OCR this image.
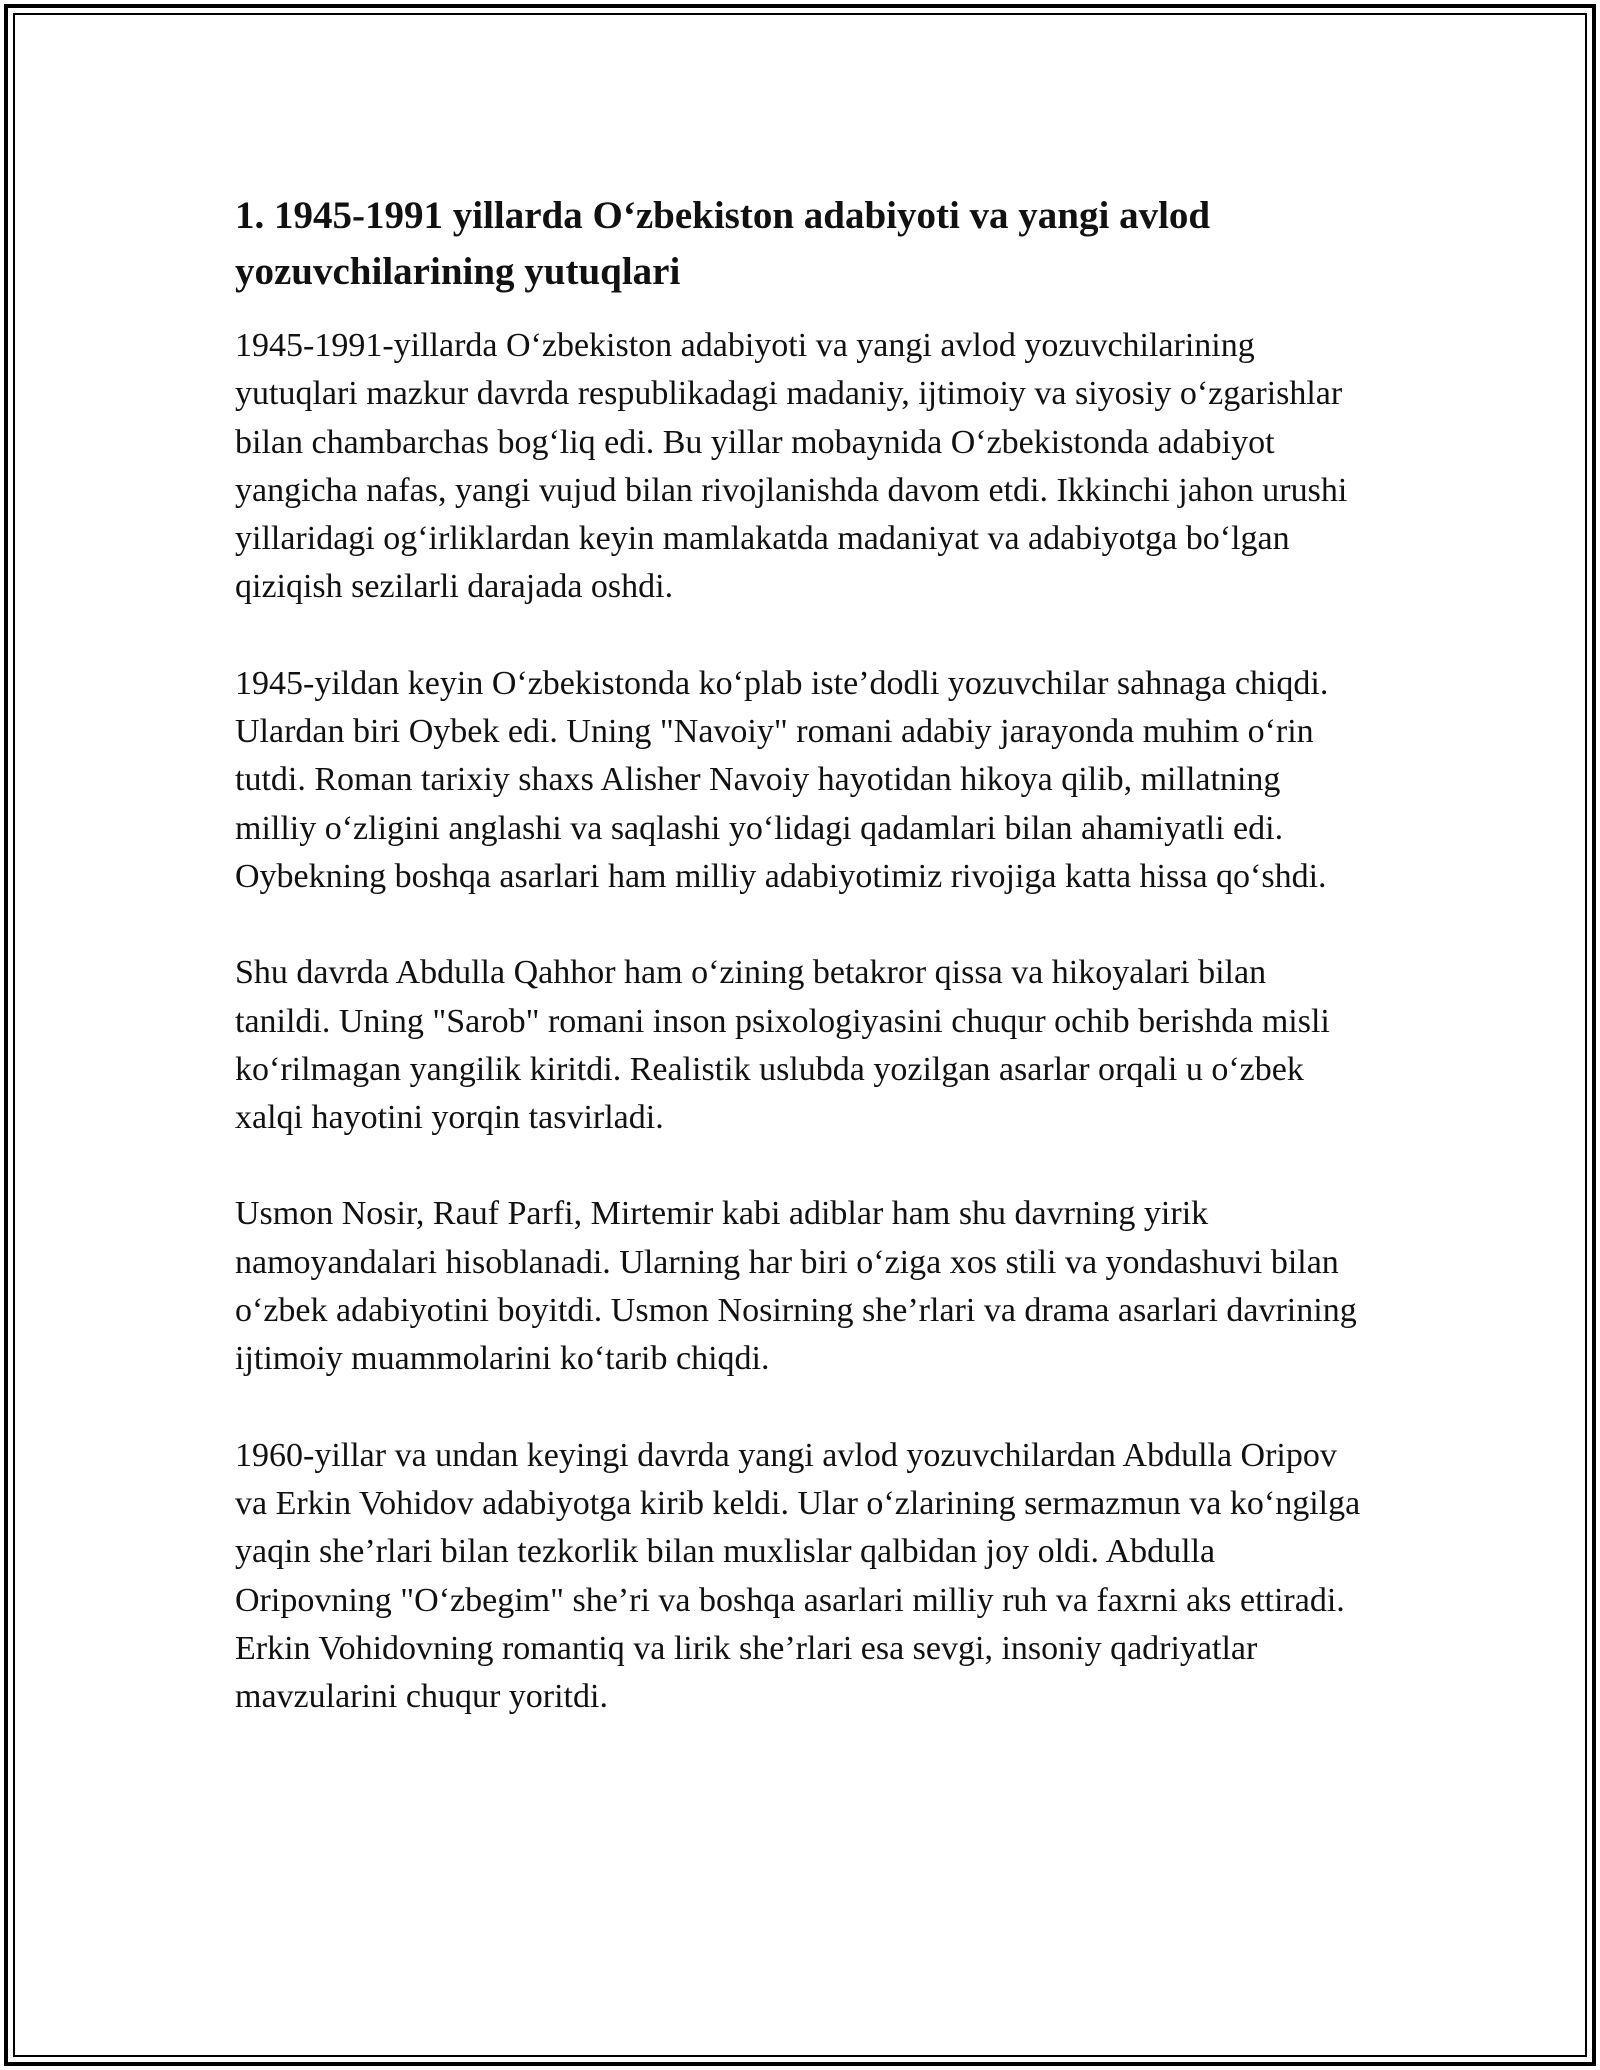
1. 1945-1991 yillarda O‘zbekiston adabiyoti va yangi avlod yozuvchilarining yutuqlari

1945-1991-yillarda O‘zbekiston adabiyoti va yangi avlod yozuvchilarining yutuqlari mazkur davrda respublikadagi madaniy, ijtimoiy va siyosiy o‘zgarishlar bilan chambarchas bog‘liq edi. Bu yillar mobaynida O‘zbekistonda adabiyot yangicha nafas, yangi vujud bilan rivojlanishda davom etdi. Ikkinchi jahon urushi yillaridagi og‘irliklardan keyin mamlakatda madaniyat va adabiyotga bo‘lgan qiziqish sezilarli darajada oshdi.

1945-yildan keyin O‘zbekistonda ko‘plab iste’dodli yozuvchilar sahnaga chiqdi. Ulardan biri Oybek edi. Uning "Navoiy" romani adabiy jarayonda muhim o‘rin tutdi. Roman tarixiy shaxs Alisher Navoiy hayotidan hikoya qilib, millatning milliy o‘zligini anglashi va saqlashi yo‘lidagi qadamlari bilan ahamiyatli edi. Oybekning boshqa asarlari ham milliy adabiyotimiz rivojiga katta hissa qo‘shdi.

Shu davrda Abdulla Qahhor ham o‘zining betakror qissa va hikoyalari bilan tanildi. Uning "Sarob" romani inson psixologiyasini chuqur ochib berishda misli ko‘rilmagan yangilik kiritdi. Realistik uslubda yozilgan asarlar orqali u o‘zbek xalqi hayotini yorqin tasvirladi.

Usmon Nosir, Rauf Parfi, Mirtemir kabi adiblar ham shu davrning yirik namoyandalari hisoblanadi. Ularning har biri o‘ziga xos stili va yondashuvi bilan o‘zbek adabiyotini boyitdi. Usmon Nosirning she’rlari va drama asarlari davrining ijtimoiy muammolarini ko‘tarib chiqdi.

1960-yillar va undan keyingi davrda yangi avlod yozuvchilardan Abdulla Oripov va Erkin Vohidov adabiyotga kirib keldi. Ular o‘zlarining sermazmun va ko‘ngilga yaqin she’rlari bilan tezkorlik bilan muxlislar qalbidan joy oldi. Abdulla Oripovning "O‘zbegim" she’ri va boshqa asarlari milliy ruh va faxrni aks ettiradi. Erkin Vohidovning romantiq va lirik she’rlari esa sevgi, insoniy qadriyatlar mavzularini chuqur yoritdi.
